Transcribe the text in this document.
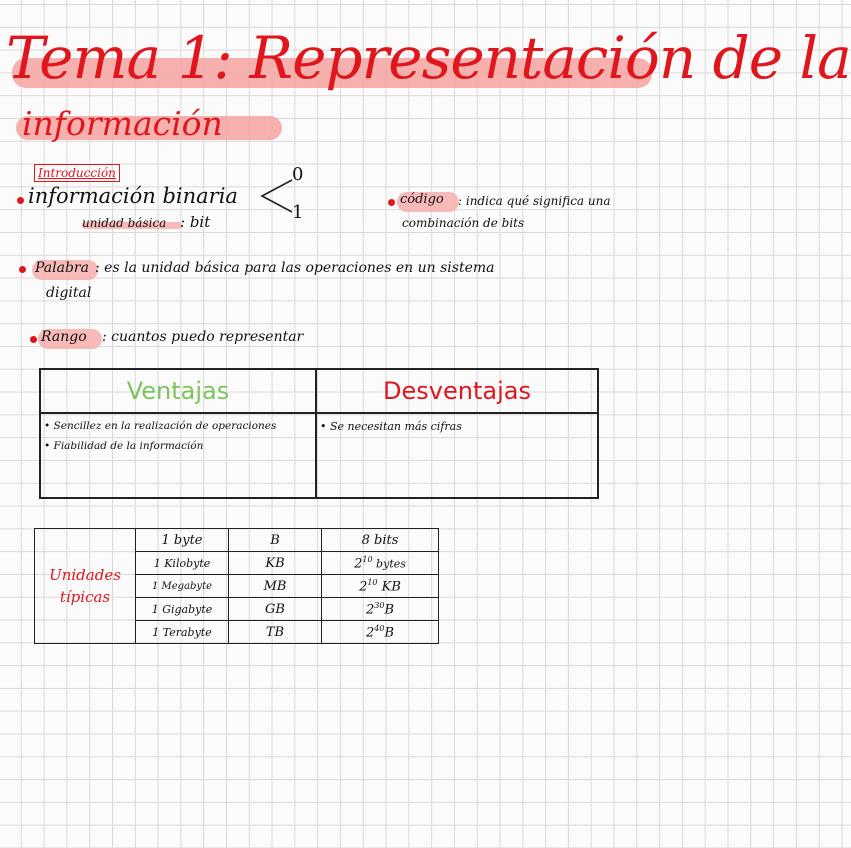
Tema 1: Representación de la
información
Introducción
información binaria
0
1
unidad básica : bit
código : indica qué significa una
combinación de bits
Palabra : es la unidad básica para las operaciones en un sistema
digital
Rango : cuantos puedo representar
Ventajas	Desventajas

• Sencillez en la realización de operaciones
• Fiabilidad de la información	• Se necesitan más cifras
Unidades
típicas	1 byte	B	8 bits
	1 Kilobyte	KB	$2^{10}$ bytes
	1 Megabyte	MB	$2^{10}$ KB
	1 Gigabyte	GB	$2^{30}B$
	1 Terabyte	TB	$2^{40}B$
